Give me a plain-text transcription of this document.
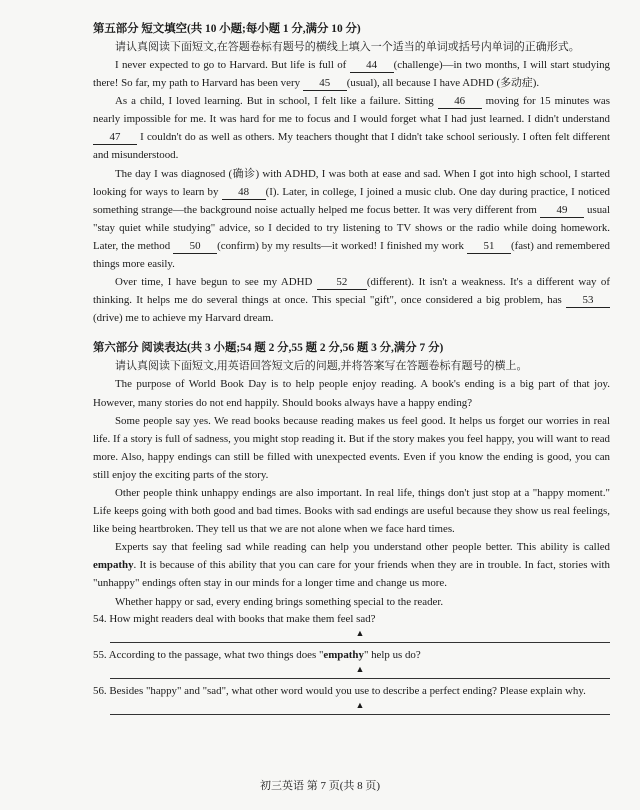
第五部分 短文填空(共 10 小题;每小题 1 分,满分 10 分)

请认真阅读下面短文,在答题卷标有题号的横线上填入一个适当的单词或括号内单词的正确形式。

I never expected to go to Harvard. But life is full of 44 (challenge)—in two months, I will start studying there! So far, my path to Harvard has been very 45 (usual), all because I have ADHD (多动症).

As a child, I loved learning. But in school, I felt like a failure. Sitting 46 moving for 15 minutes was nearly impossible for me. It was hard for me to focus and I would forget what I had just learned. I didn't understand 47 I couldn't do as well as others. My teachers thought that I didn't take school seriously. I often felt different and misunderstood.

The day I was diagnosed (确诊) with ADHD, I was both at ease and sad. When I got into high school, I started looking for ways to learn by 48 (I). Later, in college, I joined a music club. One day during practice, I noticed something strange—the background noise actually helped me focus better. It was very different from 49 usual "stay quiet while studying" advice, so I decided to try listening to TV shows or the radio while doing homework. Later, the method 50 (confirm) by my results—it worked! I finished my work 51 (fast) and remembered things more easily.

Over time, I have begun to see my ADHD 52 (different). It isn't a weakness. It's a different way of thinking. It helps me do several things at once. This special "gift", once considered a big problem, has 53(drive) me to achieve my Harvard dream.

第六部分 阅读表达(共 3 小题;54 题 2 分,55 题 2 分,56 题 3 分,满分 7 分)

请认真阅读下面短文,用英语回答短文后的问题,并将答案写在答题卷标有题号的横上。

The purpose of World Book Day is to help people enjoy reading. A book's ending is a big part of that joy. However, many stories do not end happily. Should books always have a happy ending?

Some people say yes. We read books because reading makes us feel good. It helps us forget our worries in real life. If a story is full of sadness, you might stop reading it. But if the story makes you feel happy, you will want to read more. Also, happy endings can still be filled with unexpected events. Even if you know the ending is good, you can still enjoy the exciting parts of the story.

Other people think unhappy endings are also important. In real life, things don't just stop at a "happy moment." Life keeps going with both good and bad times. Books with sad endings are useful because they show us real feelings, like being heartbroken. They tell us that we are not alone when we face hard times.

Experts say that feeling sad while reading can help you understand other people better. This ability is called empathy. It is because of this ability that you can care for your friends when they are in trouble. In fact, stories with "unhappy" endings often stay in our minds for a longer time and change us more.

Whether happy or sad, every ending brings something special to the reader.

54. How might readers deal with books that make them feel sad?

▲

55. According to the passage, what two things does "empathy" help us do?

▲

56. Besides "happy" and "sad", what other word would you use to describe a perfect ending? Please explain why.

▲
初三英语 第 7 页(共 8 页)
